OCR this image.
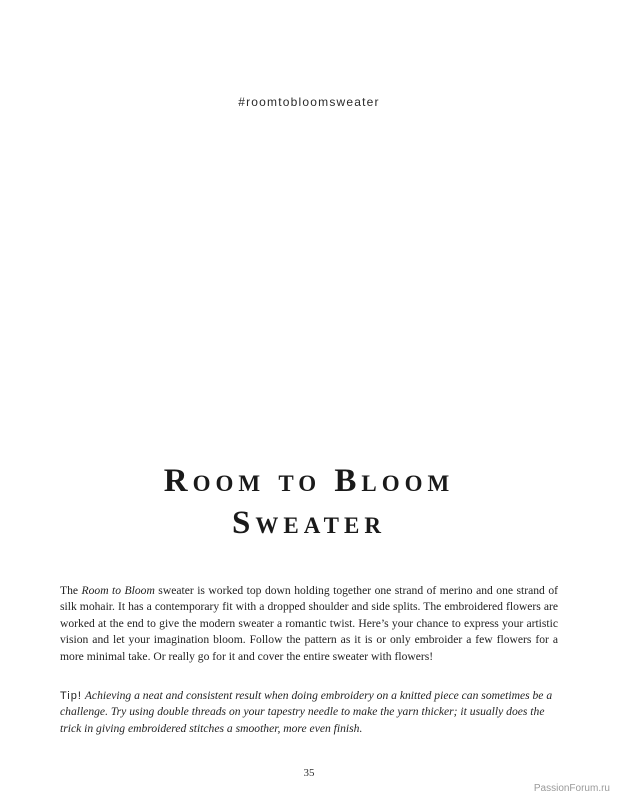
#roomtobloomsweater
Room to Bloom
Sweater

The Room to Bloom sweater is worked top down holding together one strand of merino and one strand of silk mohair. It has a contemporary fit with a dropped shoulder and side splits. The embroidered flowers are worked at the end to give the modern sweater a romantic twist. Here’s your chance to express your artistic vision and let your imagination bloom. Follow the pattern as it is or only embroider a few flowers for a more minimal take. Or really go for it and cover the entire sweater with flowers!

Tip! Achieving a neat and consistent result when doing embroidery on a knitted piece can sometimes be a challenge. Try using double threads on your tapestry needle to make the yarn thicker; it usually does the trick in giving embroidered stitches a smoother, more even finish.

35
PassionForum.ru
